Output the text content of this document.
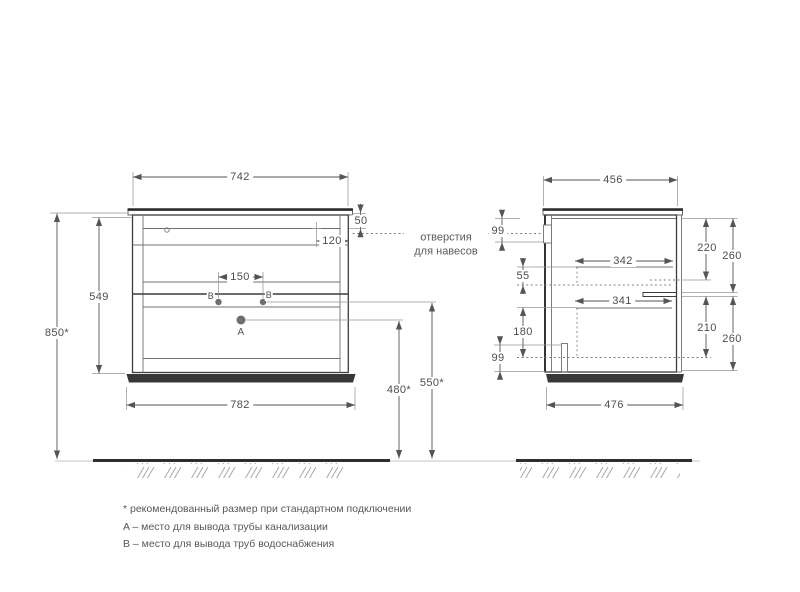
742
850*
549
50
120
150
782
480*
550*
B	B
A
456
99
220
260
342
55
341
210
260
180
99
476
отверстия
для навесов
* рекомендованный размер при стандартном подключении
A – место для вывода трубы канализации
B – место для вывода труб водоснабжения
